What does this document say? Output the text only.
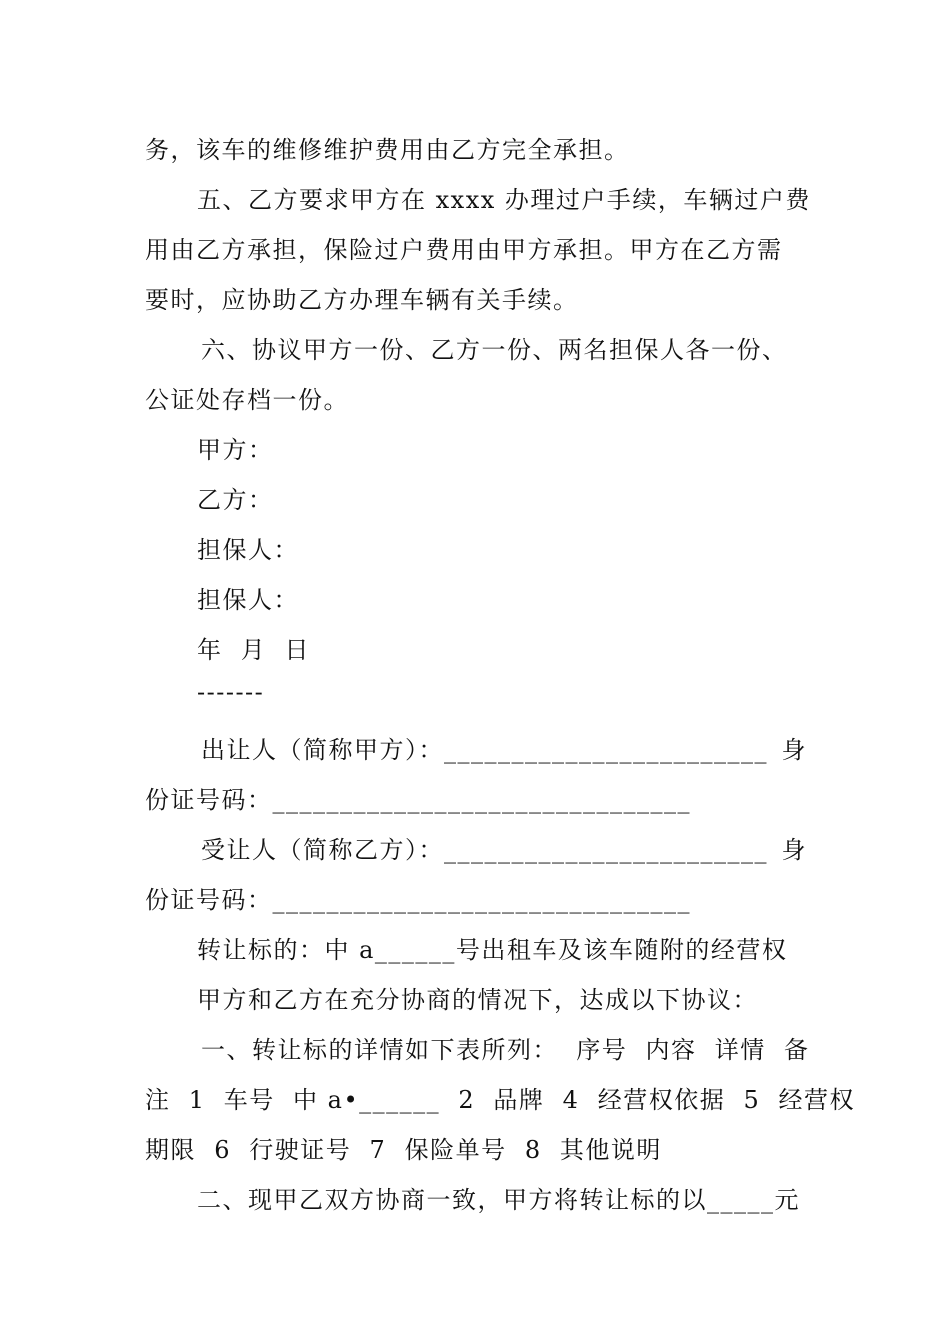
务，该车的维修维护费用由乙方完全承担。
五、乙方要求甲方在 xxxx 办理过户手续，车辆过户费
用由乙方承担，保险过户费用由甲方承担。甲方在乙方需
要时，应协助乙方办理车辆有关手续。
六、协议甲方一份、乙方一份、两名担保人各一份、
公证处存档一份。
甲方：
乙方：
担保人：
担保人：
年  月  日
-------
出让人（简称甲方）：________________________ 身
份证号码：_______________________________
受让人（简称乙方）：________________________ 身
份证号码：_______________________________
转让标的：中 a______号出租车及该车随附的经营权
甲方和乙方在充分协商的情况下，达成以下协议：
一、转让标的详情如下表所列：  序号  内容  详情  备
注  1  车号  中 a•______  2  品牌  4  经营权依据  5  经营权
期限  6  行驶证号  7  保险单号  8  其他说明
二、现甲乙双方协商一致，甲方将转让标的以_____元
